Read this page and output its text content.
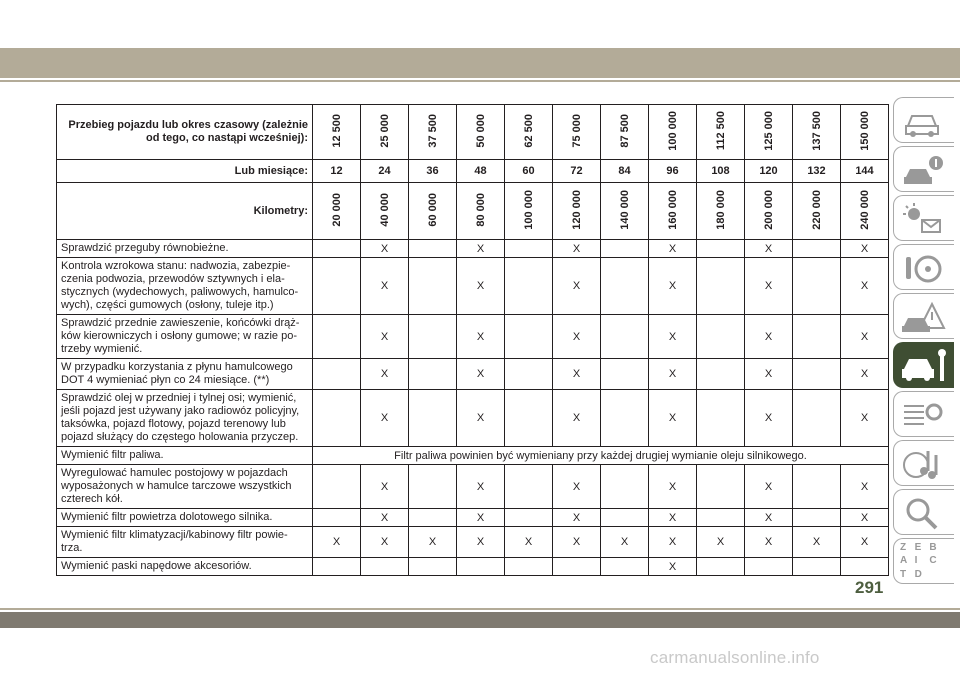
Przebieg pojazdu lub okres czasowy (zależnie od tego, co nastąpi wcześniej):	12 500	25 000	37 500	50 000	62 500	75 000	87 500	100 000	112 500	125 000	137 500	150 000
Lub miesiące:	12	24	36	48	60	72	84	96	108	120	132	144
Kilometry:	20 000	40 000	60 000	80 000	100 000	120 000	140 000	160 000	180 000	200 000	220 000	240 000
Sprawdzić przeguby równobieżne.		X		X		X		X		X		X
Kontrola wzrokowa stanu: nadwozia, zabezpie-czenia podwozia, przewodów sztywnych i ela-stycznych (wydechowych, paliwowych, hamulco-wych), części gumowych (osłony, tuleje itp.)		X		X		X		X		X		X
Sprawdzić przednie zawieszenie, końcówki drąż-ków kierowniczych i osłony gumowe; w razie po-trzeby wymienić.		X		X		X		X		X		X
W przypadku korzystania z płynu hamulcowego DOT 4 wymieniać płyn co 24 miesiące. (**)		X		X		X		X		X		X
Sprawdzić olej w przedniej i tylnej osi; wymienić, jeśli pojazd jest używany jako radiowóz policyjny, taksówka, pojazd flotowy, pojazd terenowy lub pojazd służący do częstego holowania przyczep.		X		X		X		X		X		X
Wymienić filtr paliwa.	Filtr paliwa powinien być wymieniany przy każdej drugiej wymianie oleju silnikowego.											
Wyregulować hamulec postojowy w pojazdach wyposażonych w hamulce tarczowe wszystkich czterech kół.		X		X		X		X		X		X
Wymienić filtr powietrza dolotowego silnika.		X		X		X		X		X		X
Wymienić filtr klimatyzacji/kabinowy filtr powie-trza.	X	X	X	X	X	X	X	X	X	X	X	X
Wymienić paski napędowe akcesoriów.								X				
Z E B
A I	C
T D
291
carmanualsonline.info
